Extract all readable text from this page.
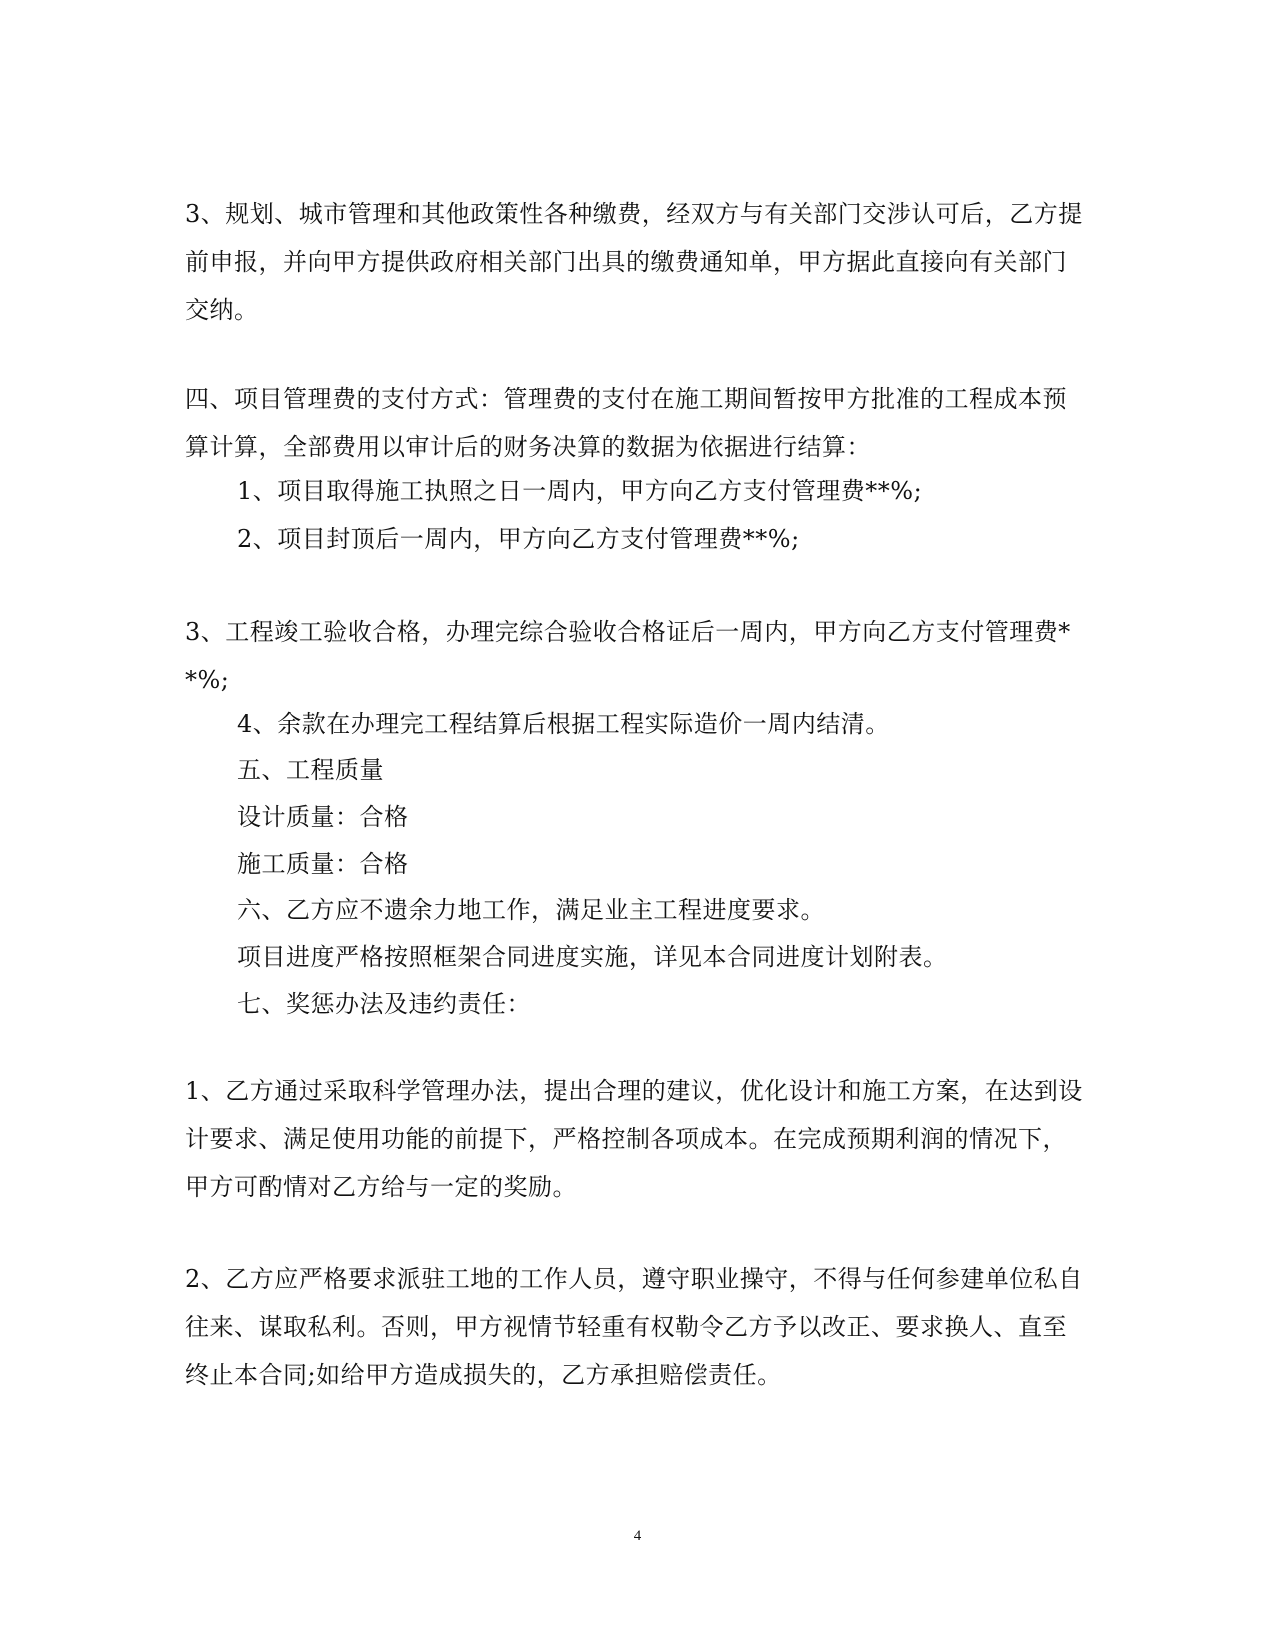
3、规划、城市管理和其他政策性各种缴费，经双方与有关部门交涉认可后，乙方提前申报，并向甲方提供政府相关部门出具的缴费通知单，甲方据此直接向有关部门交纳。
四、项目管理费的支付方式：管理费的支付在施工期间暂按甲方批准的工程成本预算计算，全部费用以审计后的财务决算的数据为依据进行结算：
1、项目取得施工执照之日一周内，甲方向乙方支付管理费**%;
2、项目封顶后一周内，甲方向乙方支付管理费**%;
3、工程竣工验收合格，办理完综合验收合格证后一周内，甲方向乙方支付管理费**%;
4、余款在办理完工程结算后根据工程实际造价一周内结清。
五、工程质量
设计质量：合格
施工质量：合格
六、乙方应不遗余力地工作，满足业主工程进度要求。
项目进度严格按照框架合同进度实施，详见本合同进度计划附表。
七、奖惩办法及违约责任：
1、乙方通过采取科学管理办法，提出合理的建议，优化设计和施工方案，在达到设计要求、满足使用功能的前提下，严格控制各项成本。在完成预期利润的情况下，甲方可酌情对乙方给与一定的奖励。
2、乙方应严格要求派驻工地的工作人员，遵守职业操守，不得与任何参建单位私自往来、谋取私利。否则，甲方视情节轻重有权勒令乙方予以改正、要求换人、直至终止本合同;如给甲方造成损失的，乙方承担赔偿责任。
4
